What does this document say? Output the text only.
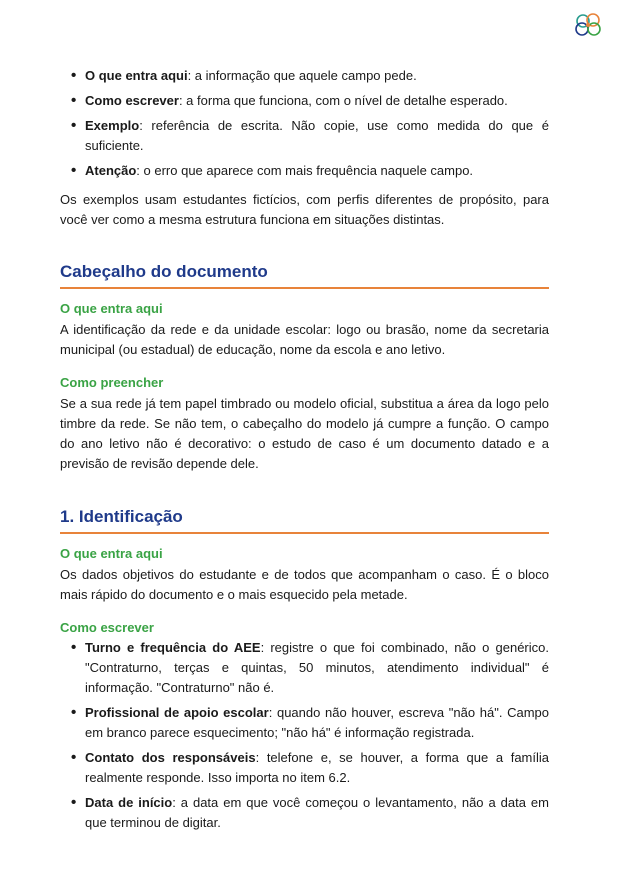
• O que entra aqui: a informação que aquele campo pede.
• Como escrever: a forma que funciona, com o nível de detalhe esperado.
• Exemplo: referência de escrita. Não copie, use como medida do que é suficiente.
• Atenção: o erro que aparece com mais frequência naquele campo.

Os exemplos usam estudantes fictícios, com perfis diferentes de propósito, para você ver como a mesma estrutura funciona em situações distintas.

Cabeçalho do documento
O que entra aqui

A identificação da rede e da unidade escolar: logo ou brasão, nome da secretaria municipal (ou estadual) de educação, nome da escola e ano letivo.

Como preencher

Se a sua rede já tem papel timbrado ou modelo oficial, substitua a área da logo pelo timbre da rede. Se não tem, o cabeçalho do modelo já cumpre a função. O campo do ano letivo não é decorativo: o estudo de caso é um documento datado e a previsão de revisão depende dele.

1. Identificação
O que entra aqui

Os dados objetivos do estudante e de todos que acompanham o caso. É o bloco mais rápido do documento e o mais esquecido pela metade.

Como escrever
• Turno e frequência do AEE: registre o que foi combinado, não o genérico. "Contraturno, terças e quintas, 50 minutos, atendimento individual" é informação. "Contraturno" não é.
• Profissional de apoio escolar: quando não houver, escreva "não há". Campo em branco parece esquecimento; "não há" é informação registrada.
• Contato dos responsáveis: telefone e, se houver, a forma que a família realmente responde. Isso importa no item 6.2.
• Data de início: a data em que você começou o levantamento, não a data em que terminou de digitar.
